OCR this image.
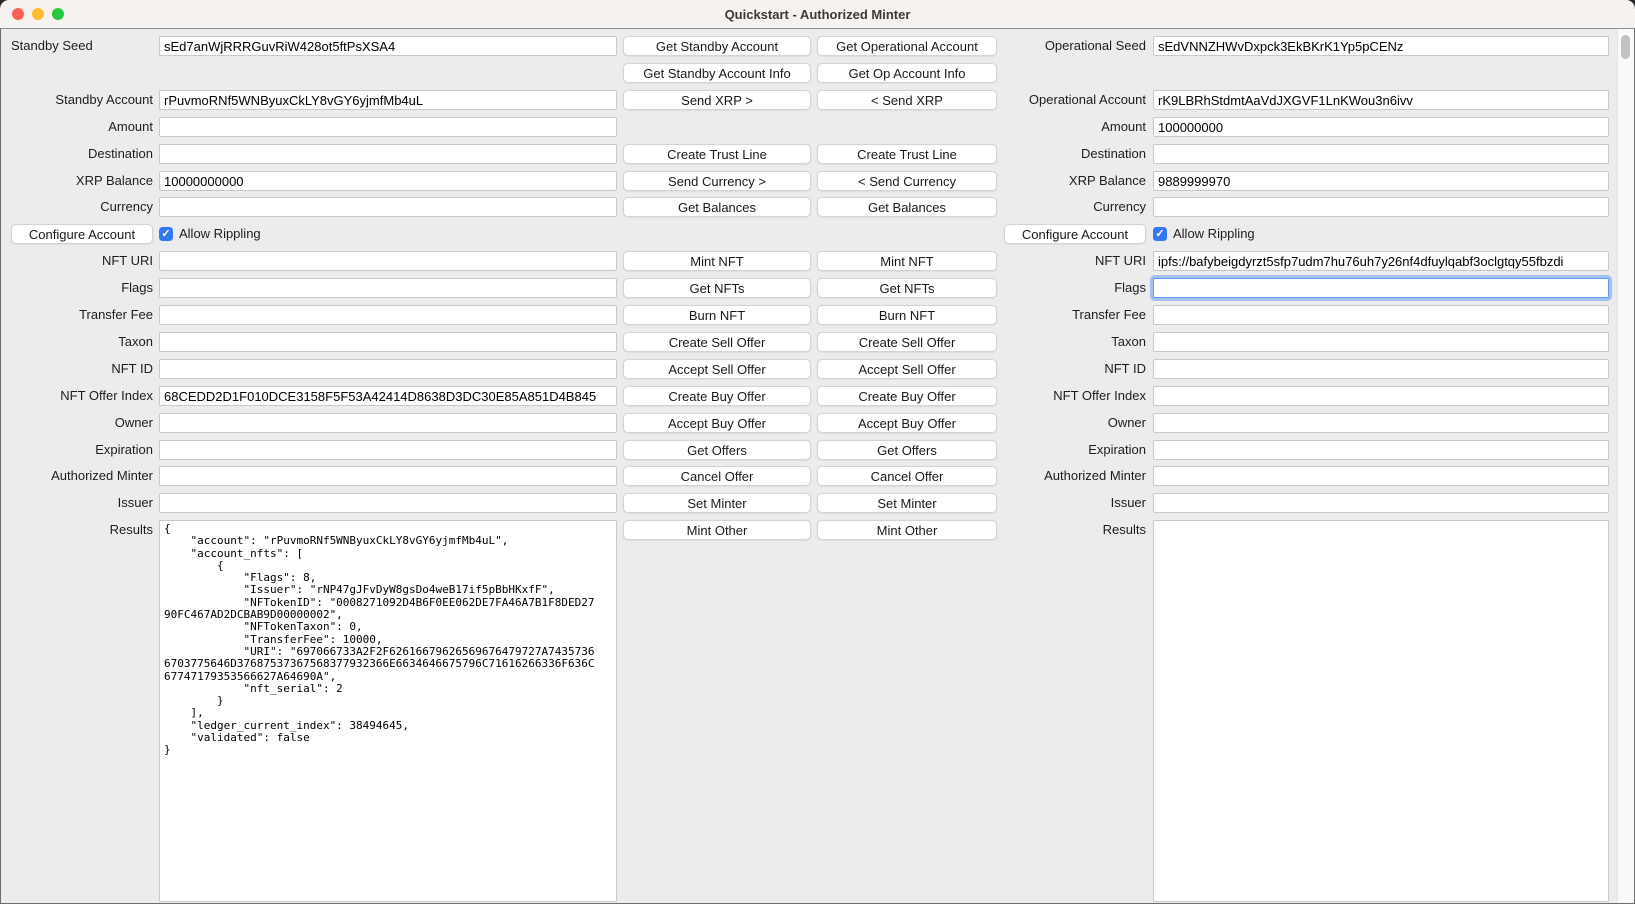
Quickstart - Authorized Minter
Standby Seed
sEd7anWjRRRGuvRiW428ot5ftPsXSA4
Standby Account
rPuvmoRNf5WNByuxCkLY8vGY6yjmfMb4uL
Amount
Destination
XRP Balance
10000000000
Currency
NFT URI
Flags
Transfer Fee
Taxon
NFT ID
NFT Offer Index
68CEDD2D1F010DCE3158F5F53A42414D8638D3DC30E85A851D4B845
Owner
Expiration
Authorized Minter
Issuer
Configure Account	✓ Allow Rippling
Results
{ "account": "rPuvmoRNf5WNByuxCkLY8vGY6yjmfMb4uL", "account_nfts": [ { "Flags": 8, "Issuer": "rNP47gJFvDyW8gsDo4weB17if5pBbHKxfF", "NFTokenID": "0008271092D4B6F0EE062DE7FA46A7B1F8DED27 90FC467AD2DCBAB9D00000002", "NFTokenTaxon": 0, "TransferFee": 10000, "URI": "697066733A2F2F62616679626569676479727A7435736 6703775646D37687537367568377932366E6634646675796C71616266336F636C 67747179353566627A64690A", "nft_serial": 2 } ], "ledger_current_index": 38494645, "validated": false }
Operational Seed
sEdVNNZHWvDxpck3EkBKrK1Yp5pCENz
Operational Account
rK9LBRhStdmtAaVdJXGVF1LnKWou3n6ivv
Amount
100000000
Destination
XRP Balance
9889999970
Currency
NFT URI
ipfs://bafybeigdyrzt5sfp7udm7hu76uh7y26nf4dfuylqabf3oclgtqy55fbzdi
Flags
Transfer Fee
Taxon
NFT ID
NFT Offer Index
Owner
Expiration
Authorized Minter
Issuer
Configure Account	✓ Allow Rippling
Results
Get Standby Account
Get Standby Account Info
Send XRP >
Create Trust Line
Send Currency >
Get Balances
Mint NFT
Get NFTs
Burn NFT
Create Sell Offer
Accept Sell Offer
Create Buy Offer
Accept Buy Offer
Get Offers
Cancel Offer
Set Minter
Mint Other
Get Operational Account
Get Op Account Info
< Send XRP
Create Trust Line
< Send Currency
Get Balances
Mint NFT
Get NFTs
Burn NFT
Create Sell Offer
Accept Sell Offer
Create Buy Offer
Accept Buy Offer
Get Offers
Cancel Offer
Set Minter
Mint Other
